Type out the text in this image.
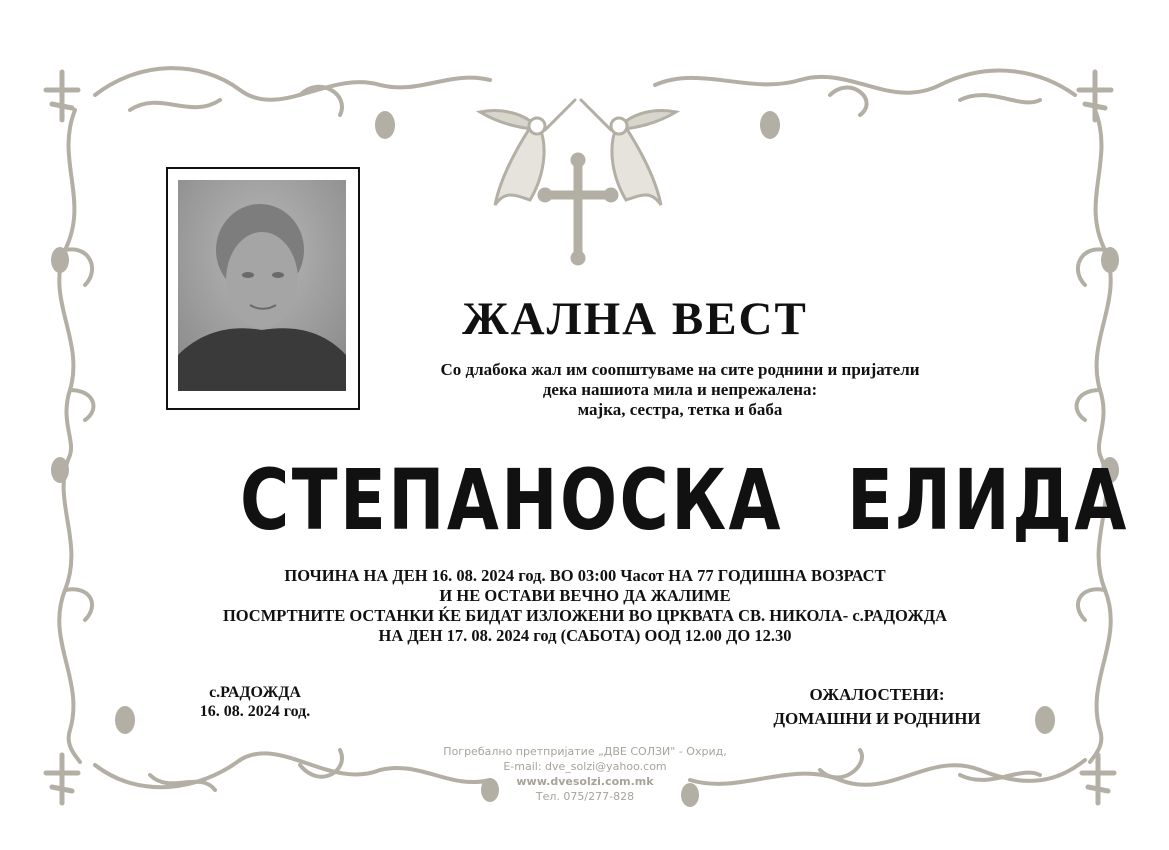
ЖАЛНА ВЕСТ
Со длабока жал им соопштуваме на сите роднини и пријатели
дека нашиота мила и непрежалена:
мајка, сестра, тетка и баба
СТЕПАНОСКА ЕЛИДА
ПОЧИНА НА ДЕН 16. 08. 2024 год. ВО 03:00 Часот НА 77 ГОДИШНА ВОЗРАСТ
И НЕ ОСТАВИ ВЕЧНО ДА ЖАЛИМЕ
ПОСМРТНИТЕ ОСТАНКИ ЌЕ БИДАТ ИЗЛОЖЕНИ ВО ЦРКВАТА СВ. НИКОЛА- с.РАДОЖДА
НА ДЕН 17. 08. 2024 год (САБОТА) ООД 12.00 ДО 12.30
с.РАДОЖДА
16. 08. 2024 год.
ОЖАЛОСТЕНИ:
ДОМАШНИ И РОДНИНИ
Погребално претпријатие „ДВЕ СОЛЗИ" - Охрид,
E-mail: dve_solzi@yahoo.com
www.dvesolzi.com.mk
Тел. 075/277-828
